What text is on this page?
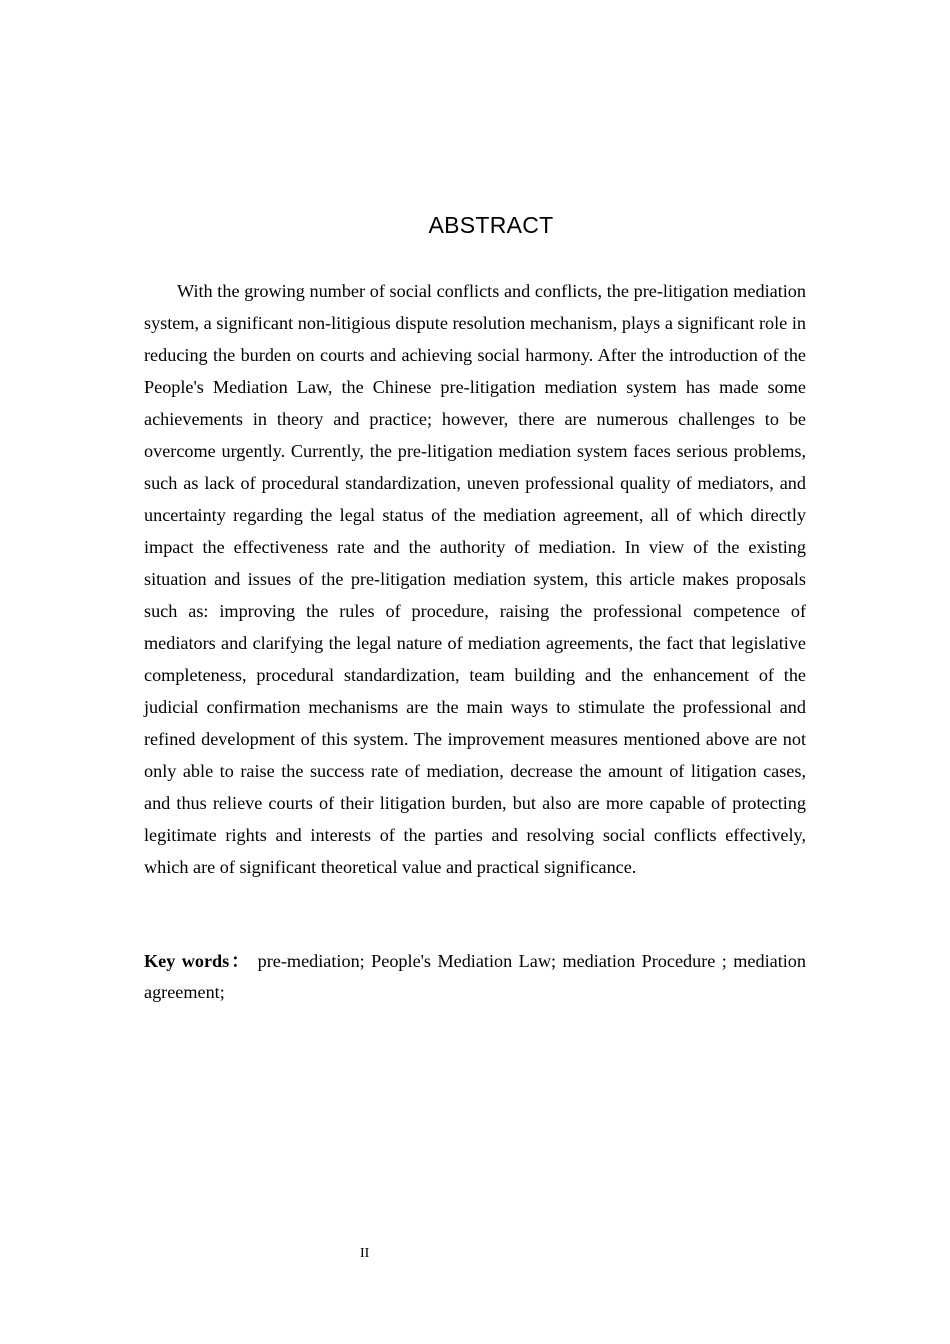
ABSTRACT

With the growing number of social conflicts and conflicts, the pre-litigation mediation system, a significant non-litigious dispute resolution mechanism, plays a significant role in reducing the burden on courts and achieving social harmony. After the introduction of the People's Mediation Law, the Chinese pre-litigation mediation system has made some achievements in theory and practice; however, there are numerous challenges to be overcome urgently. Currently, the pre-litigation mediation system faces serious problems, such as lack of procedural standardization, uneven professional quality of mediators, and uncertainty regarding the legal status of the mediation agreement, all of which directly impact the effectiveness rate and the authority of mediation. In view of the existing situation and issues of the pre-litigation mediation system, this article makes proposals such as: improving the rules of procedure, raising the professional competence of mediators and clarifying the legal nature of mediation agreements, the fact that legislative completeness, procedural standardization, team building and the enhancement of the judicial confirmation mechanisms are the main ways to stimulate the professional and refined development of this system. The improvement measures mentioned above are not only able to raise the success rate of mediation, decrease the amount of litigation cases, and thus relieve courts of their litigation burden, but also are more capable of protecting legitimate rights and interests of the parties and resolving social conflicts effectively, which are of significant theoretical value and practical significance.

Key words： pre-mediation; People's Mediation Law; mediation Procedure ; mediation agreement;

II
